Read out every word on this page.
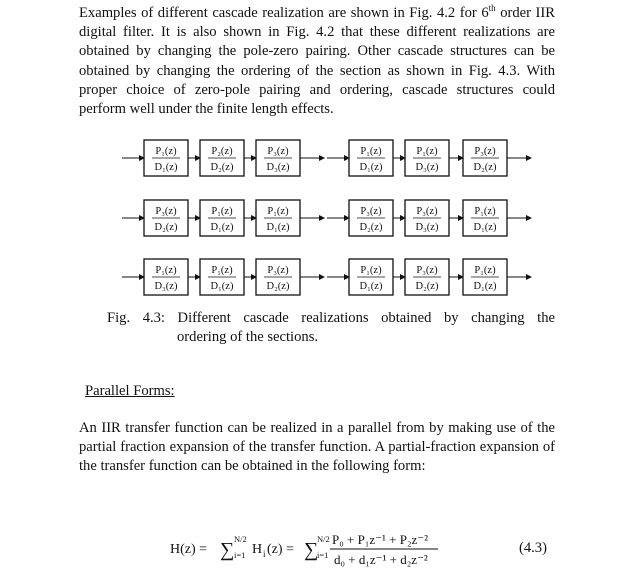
Examples of different cascade realization are shown in Fig. 4.2 for 6th order IIR digital filter. It is also shown in Fig. 4.2 that these different realizations are obtained by changing the pole-zero pairing. Other cascade structures can be obtained by changing the ordering of the section as shown in Fig. 4.3. With proper choice of zero-pole pairing and ordering, cascade structures could perform well under the finite length effects.

P₁(z)
D₁(z)
P₂(z)
D₂(z)
P₃(z)
D₃(z)
P₁(z)
D₁(z)
P₁(z)
D₃(z)
P₃(z)
D₂(z)
P₃(z)
D₂(z)
P₁(z)
D₁(z)
P₁(z)
D₁(z)
P₃(z)
D₂(z)
P₃(z)
D₃(z)
P₁(z)
D₁(z)
P₁(z)
D₃(z)
P₁(z)
D₁(z)
P₃(z)
D₂(z)
P₁(z)
D₁(z)
P₃(z)
D₂(z)
P₁(z)
D₁(z)

Fig. 4.3: Different cascade realizations obtained by changing the
ordering of the sections.

Parallel Forms:

An IIR transfer function can be realized in a parallel from by making use of the partial fraction expansion of the transfer function. A partial-fraction expansion of the transfer function can be obtained in the following form:

H(z) = ∑ N/2
i=1 H i (z) = ∑
N/2
i=1
P₀ + P₁z⁻¹ + P₂z⁻²
d₀ + d₁z⁻¹ + d₂z⁻²

(4.3)
